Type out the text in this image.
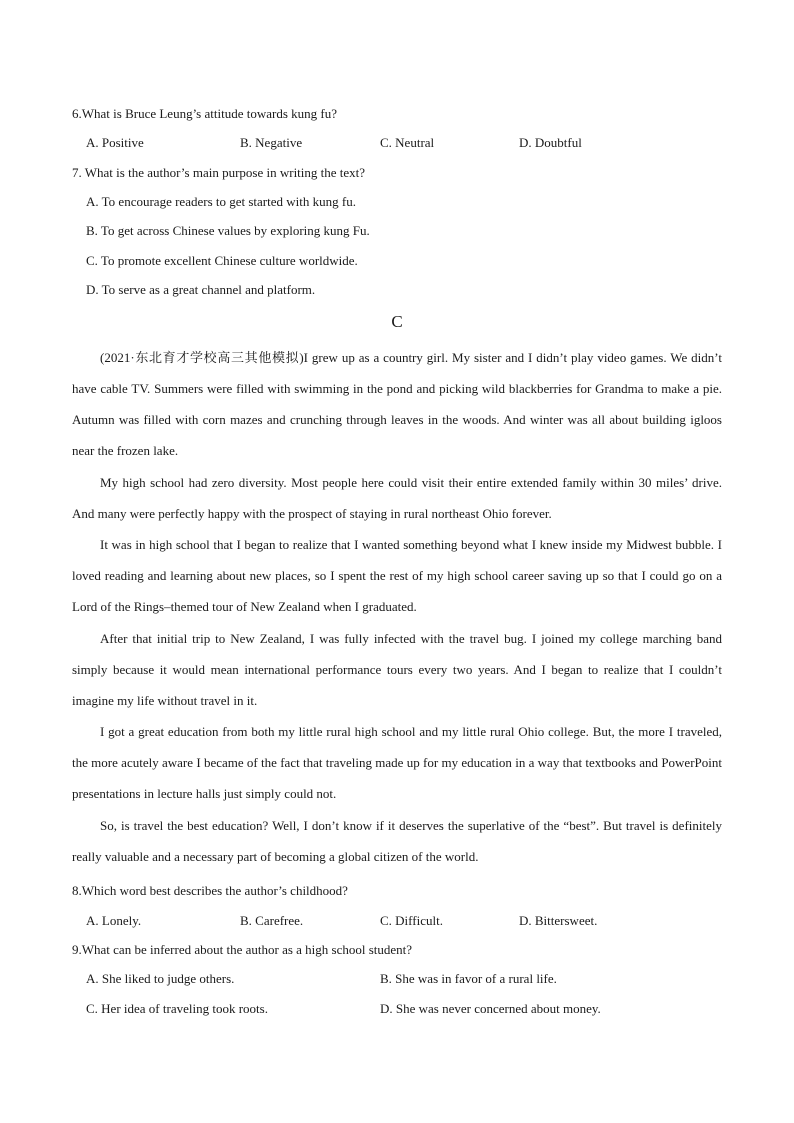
6.What is Bruce Leung’s attitude towards kung fu?
A. Positive	B. Negative	C. Neutral	D. Doubtful
7. What is the author’s main purpose in writing the text?
A. To encourage readers to get started with kung fu.
B. To get across Chinese values by exploring kung Fu.
C. To promote excellent Chinese culture worldwide.
D. To serve as a great channel and platform.
C
(2021·东北育才学校高三其他模拟)I grew up as a country girl. My sister and I didn’t play video games. We didn’t have cable TV. Summers were filled with swimming in the pond and picking wild blackberries for Grandma to make a pie. Autumn was filled with corn mazes and crunching through leaves in the woods. And winter was all about building igloos near the frozen lake.
My high school had zero diversity. Most people here could visit their entire extended family within 30 miles’ drive. And many were perfectly happy with the prospect of staying in rural northeast Ohio forever.
It was in high school that I began to realize that I wanted something beyond what I knew inside my Midwest bubble. I loved reading and learning about new places, so I spent the rest of my high school career saving up so that I could go on a Lord of the Rings–themed tour of New Zealand when I graduated.
After that initial trip to New Zealand, I was fully infected with the travel bug. I joined my college marching band simply because it would mean international performance tours every two years. And I began to realize that I couldn’t imagine my life without travel in it.
I got a great education from both my little rural high school and my little rural Ohio college. But, the more I traveled, the more acutely aware I became of the fact that traveling made up for my education in a way that textbooks and PowerPoint presentations in lecture halls just simply could not.
So, is travel the best education? Well, I don’t know if it deserves the superlative of the “best”. But travel is definitely really valuable and a necessary part of becoming a global citizen of the world.
8.Which word best describes the author’s childhood?
A. Lonely.	B. Carefree.	C. Difficult.	D. Bittersweet.
9.What can be inferred about the author as a high school student?
A. She liked to judge others.	B. She was in favor of a rural life.
C. Her idea of traveling took roots.	D. She was never concerned about money.
